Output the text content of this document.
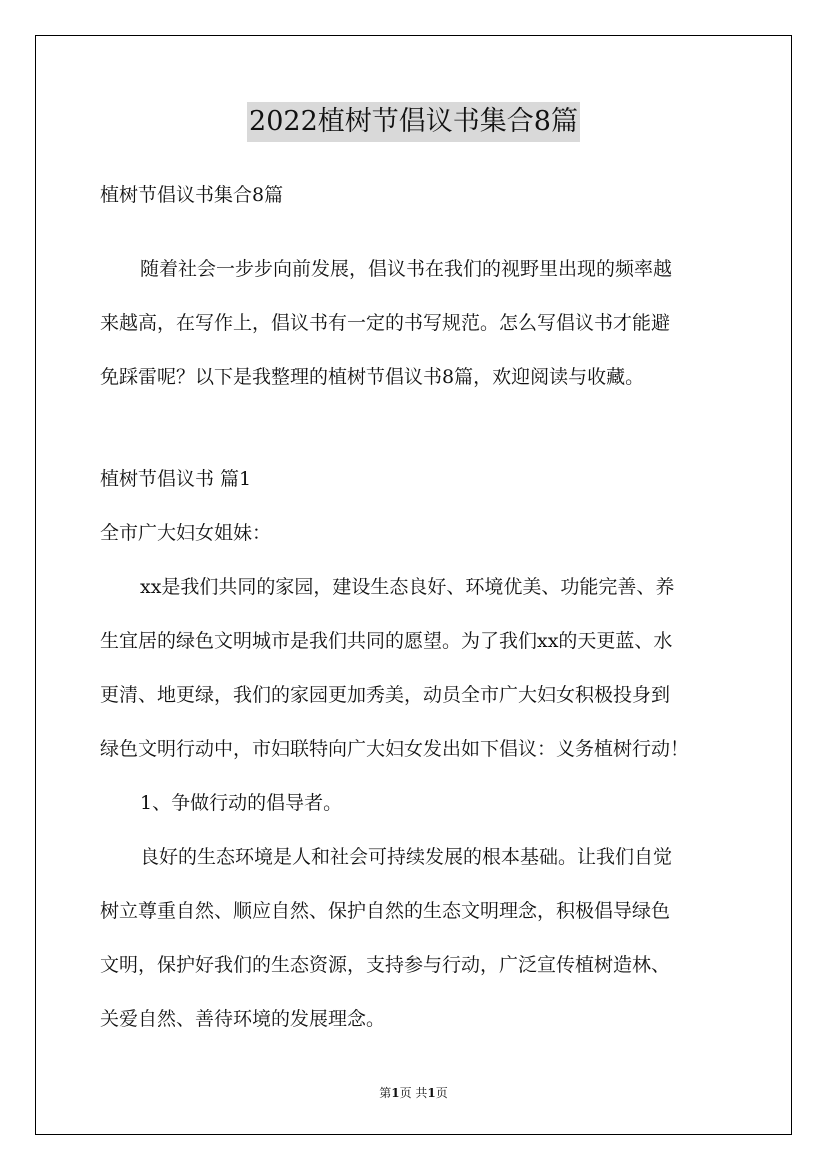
2022植树节倡议书集合8篇
植树节倡议书集合8篇
随着社会一步步向前发展，倡议书在我们的视野里出现的频率越
来越高，在写作上，倡议书有一定的书写规范。怎么写倡议书才能避
免踩雷呢？以下是我整理的植树节倡议书8篇，欢迎阅读与收藏。
植树节倡议书 篇1
全市广大妇女姐妹：
xx是我们共同的家园，建设生态良好、环境优美、功能完善、养
生宜居的绿色文明城市是我们共同的愿望。为了我们xx的天更蓝、水
更清、地更绿，我们的家园更加秀美，动员全市广大妇女积极投身到
绿色文明行动中，市妇联特向广大妇女发出如下倡议：义务植树行动！
1、争做行动的倡导者。
良好的生态环境是人和社会可持续发展的根本基础。让我们自觉
树立尊重自然、顺应自然、保护自然的生态文明理念，积极倡导绿色
文明，保护好我们的生态资源，支持参与行动，广泛宣传植树造林、
关爱自然、善待环境的发展理念。
第1页 共1页
